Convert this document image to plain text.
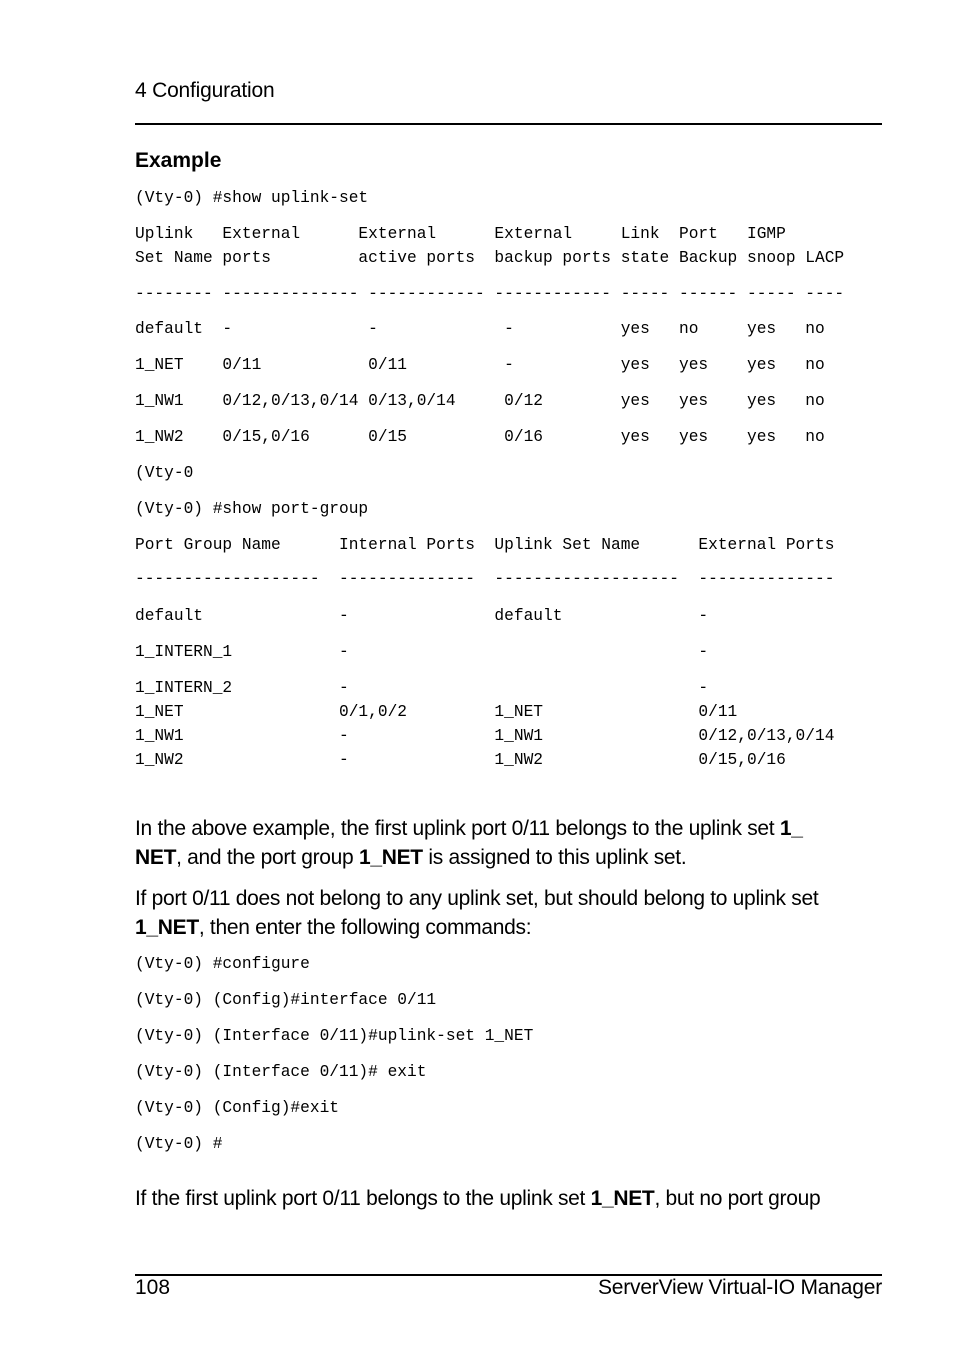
4 Configuration
Example
(Vty-0) #show uplink-set
Uplink   External      External      External     Link  Port   IGMP
Set Name ports         active ports  backup ports state Backup snoop LACP
-------- -------------- ------------ ------------ ----- ------ ----- ----
default  -              -             -           yes   no     yes   no
1_NET    0/11           0/11          -           yes   yes    yes   no
1_NW1    0/12,0/13,0/14 0/13,0/14     0/12        yes   yes    yes   no
1_NW2    0/15,0/16      0/15          0/16        yes   yes    yes   no
(Vty-0
(Vty-0) #show port-group
Port Group Name      Internal Ports  Uplink Set Name      External Ports
-------------------  --------------  -------------------  --------------
default              -               default              -
1_INTERN_1           -                                    -
1_INTERN_2           -                                    -
1_NET                0/1,0/2         1_NET                0/11
1_NW1                -               1_NW1                0/12,0/13,0/14
1_NW2                -               1_NW2                0/15,0/16
In the above example, the first uplink port 0/11 belongs to the uplink set 1_
NET, and the port group 1_NET is assigned to this uplink set.
If port 0/11 does not belong to any uplink set, but should belong to uplink set
1_NET, then enter the following commands:
(Vty-0) #configure
(Vty-0) (Config)#interface 0/11
(Vty-0) (Interface 0/11)#uplink-set 1_NET
(Vty-0) (Interface 0/11)# exit
(Vty-0) (Config)#exit
(Vty-0) #
If the first uplink port 0/11 belongs to the uplink set 1_NET, but no port group
108	ServerView Virtual-IO Manager
